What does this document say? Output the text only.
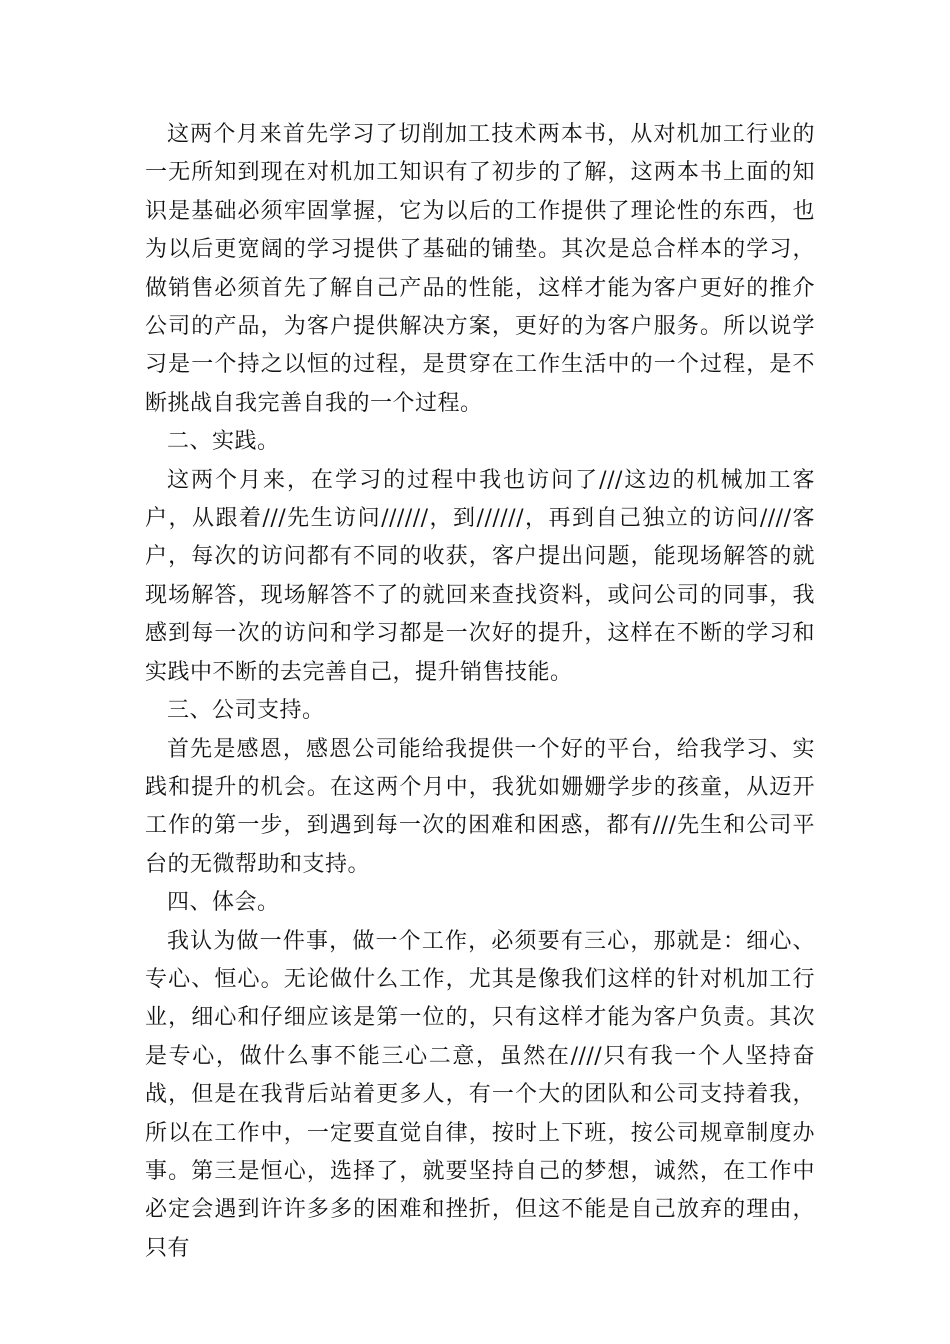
这两个月来首先学习了切削加工技术两本书，从对机加工行业的一无所知到现在对机加工知识有了初步的了解，这两本书上面的知识是基础必须牢固掌握，它为以后的工作提供了理论性的东西，也为以后更宽阔的学习提供了基础的铺垫。其次是总合样本的学习，做销售必须首先了解自己产品的性能，这样才能为客户更好的推介公司的产品，为客户提供解决方案，更好的为客户服务。所以说学习是一个持之以恒的过程，是贯穿在工作生活中的一个过程，是不断挑战自我完善自我的一个过程。

二、实践。

这两个月来，在学习的过程中我也访问了///这边的机械加工客户，从跟着///先生访问//////，到//////，再到自己独立的访问////客户，每次的访问都有不同的收获，客户提出问题，能现场解答的就现场解答，现场解答不了的就回来查找资料，或问公司的同事，我感到每一次的访问和学习都是一次好的提升，这样在不断的学习和实践中不断的去完善自己，提升销售技能。

三、公司支持。

首先是感恩，感恩公司能给我提供一个好的平台，给我学习、实践和提升的机会。在这两个月中，我犹如姗姗学步的孩童，从迈开工作的第一步，到遇到每一次的困难和困惑，都有///先生和公司平台的无微帮助和支持。

四、体会。

我认为做一件事，做一个工作，必须要有三心，那就是：细心、专心、恒心。无论做什么工作，尤其是像我们这样的针对机加工行业，细心和仔细应该是第一位的，只有这样才能为客户负责。其次是专心，做什么事不能三心二意，虽然在////只有我一个人坚持奋战，但是在我背后站着更多人，有一个大的团队和公司支持着我，所以在工作中，一定要直觉自律，按时上下班，按公司规章制度办事。第三是恒心，选择了，就要坚持自己的梦想，诚然，在工作中必定会遇到许许多多的困难和挫折，但这不能是自己放弃的理由，只有
